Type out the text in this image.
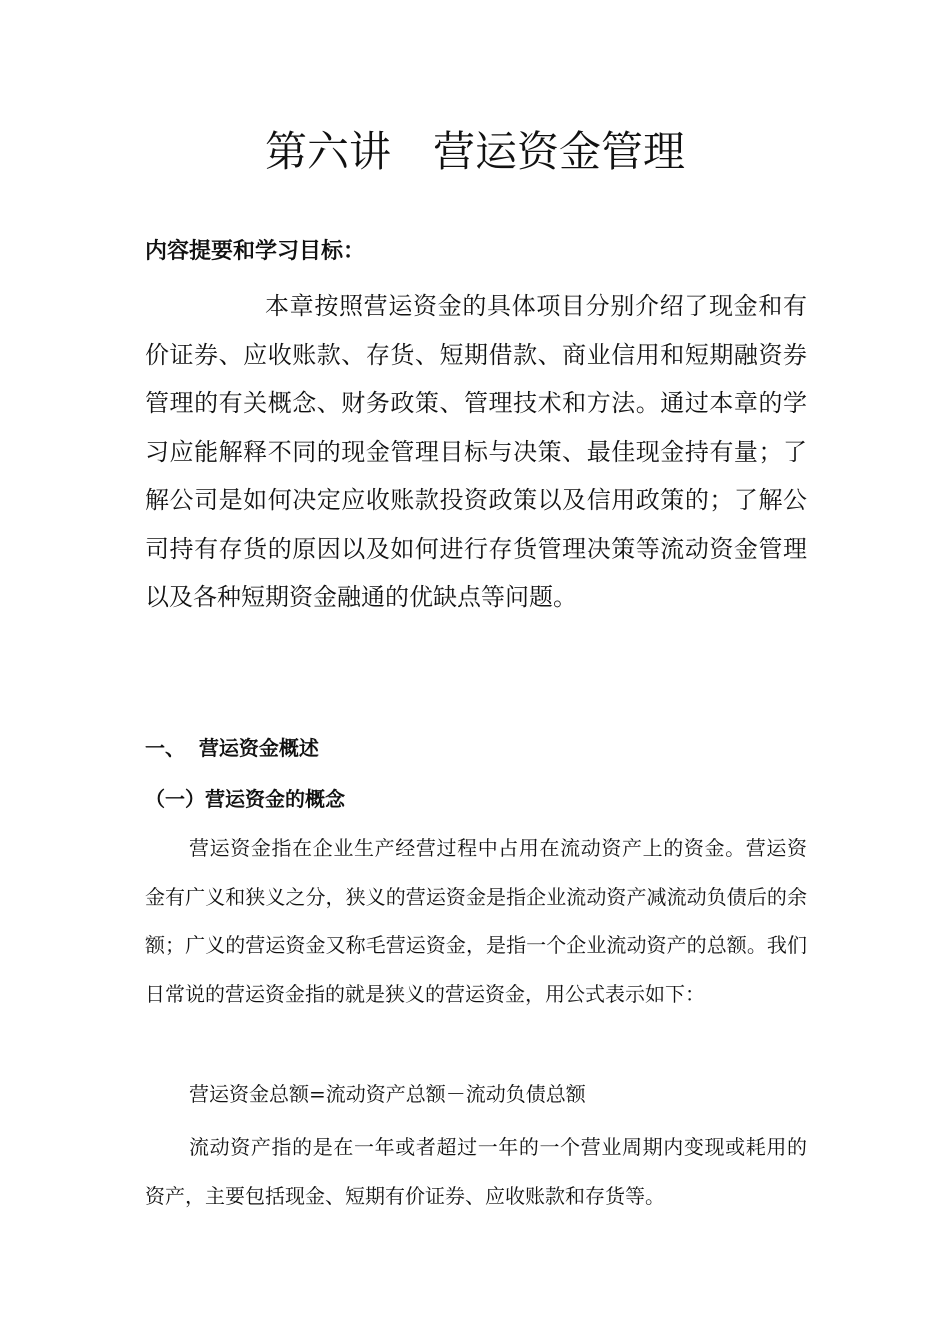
第六讲　营运资金管理
内容提要和学习目标：

本章按照营运资金的具体项目分别介绍了现金和有价证券、应收账款、存货、短期借款、商业信用和短期融资券管理的有关概念、财务政策、管理技术和方法。通过本章的学习应能解释不同的现金管理目标与决策、最佳现金持有量；了解公司是如何决定应收账款投资政策以及信用政策的；了解公司持有存货的原因以及如何进行存货管理决策等流动资金管理以及各种短期资金融通的优缺点等问题。

一、  营运资金概述
（一）营运资金的概念

营运资金指在企业生产经营过程中占用在流动资产上的资金。营运资金有广义和狭义之分，狭义的营运资金是指企业流动资产减流动负债后的余额；广义的营运资金又称毛营运资金，是指一个企业流动资产的总额。我们日常说的营运资金指的就是狭义的营运资金，用公式表示如下：

营运资金总额=流动资产总额－流动负债总额

流动资产指的是在一年或者超过一年的一个营业周期内变现或耗用的资产，主要包括现金、短期有价证券、应收账款和存货等。
